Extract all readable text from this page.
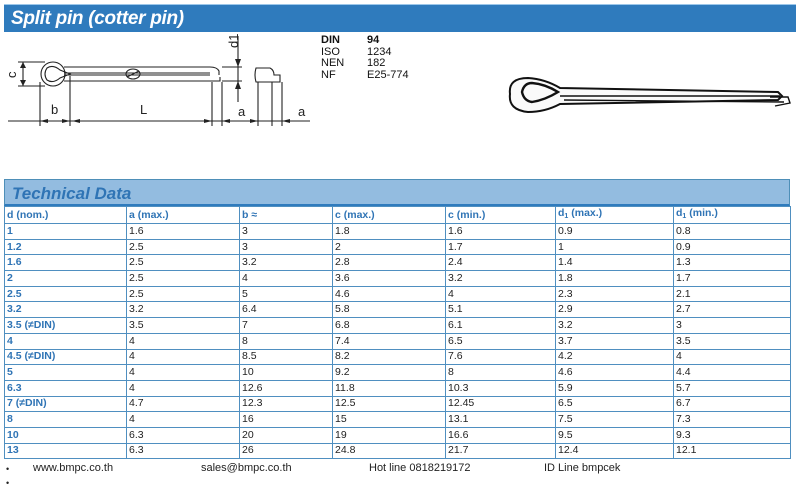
Split pin (cotter pin)
c
b	L	a	a
d1	DIN	94
ISO	1234
NEN	182
NF	E25-774
Technical Data
d (nom.)	a (max.)	b ≈	c (max.)	c (min.)	$d_1$ (max.)	$d_1$ (min.)
1	1.6	3	1.8	1.6	0.9	0.8
1.2	2.5	3	2	1.7	1	0.9
1.6	2.5	3.2	2.8	2.4	1.4	1.3
2	2.5	4	3.6	3.2	1.8	1.7
2.5	2.5	5	4.6	4	2.3	2.1
3.2	3.2	6.4	5.8	5.1	2.9	2.7
3.5 (≠DIN)	3.5	7	6.8	6.1	3.2	3
4	4	8	7.4	6.5	3.7	3.5
4.5 (≠DIN)	4	8.5	8.2	7.6	4.2	4
5	4	10	9.2	8	4.6	4.4
6.3	4	12.6	11.8	10.3	5.9	5.7
7 (≠DIN)	4.7	12.3	12.5	12.45	6.5	6.7
8	4	16	15	13.1	7.5	7.3
10	6.3	20	19	16.6	9.5	9.3
13	6.3	26	24.8	21.7	12.4	12.1
•
•
www.bmpc.co.th	sales@bmpc.co.th	Hot line 0818219172	ID Line bmpcek
